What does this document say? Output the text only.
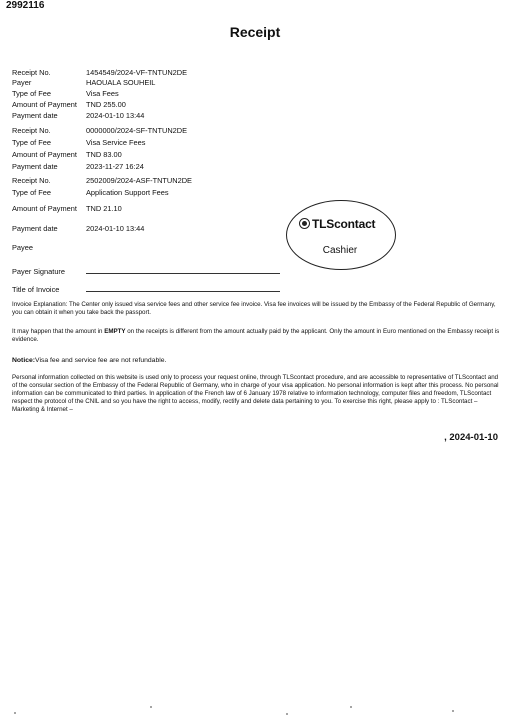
2992116
Receipt
Receipt No.	1454549/2024-VF-TNTUN2DE
Payer	HAOUALA SOUHEIL
Type of Fee	Visa Fees
Amount of Payment TND 255.00
Payment date	2024-01-10 13:44
Receipt No.	0000000/2024-SF-TNTUN2DE
Type of Fee	Visa Service Fees
Amount of Payment TND 83.00
Payment date	2023-11-27 16:24
Receipt No.	2502009/2024-ASF-TNTUN2DE
Type of Fee	Application Support Fees
Amount of Payment TND 21.10
Payment date	2024-01-10 13:44
Payee
Payer Signature
Title of Invoice
TLScontact
Cashier
Invoice Explanation: The Center only issued visa service fees and other service fee invoice. Visa fee invoices will be issued by the Embassy of the Federal Republic of Germany, you can obtain it when you take back the passport.
It may happen that the amount in EMPTY on the receipts is different from the amount actually paid by the applicant. Only the amount in Euro mentioned on the Embassy receipt is evidence.
Notice:Visa fee and service fee are not refundable.
Personal information collected on this website is used only to process your request online, through TLScontact procedure, and are accessible to representative of TLScontact and of the consular section of the Embassy of the Federal Republic of Germany, who in charge of your visa application. No personal information is kept after this process. No personal information can be communicated to third parties. In application of the French law of 6 January 1978 relative to information technology, computer files and freedom, TLScontact respect the protocol of the CNIL and so you have the right to access, modify, rectify and delete data pertaining to you. To exercise this right, please apply to : TLScontact – Marketing & Internet –
, 2024-01-10
